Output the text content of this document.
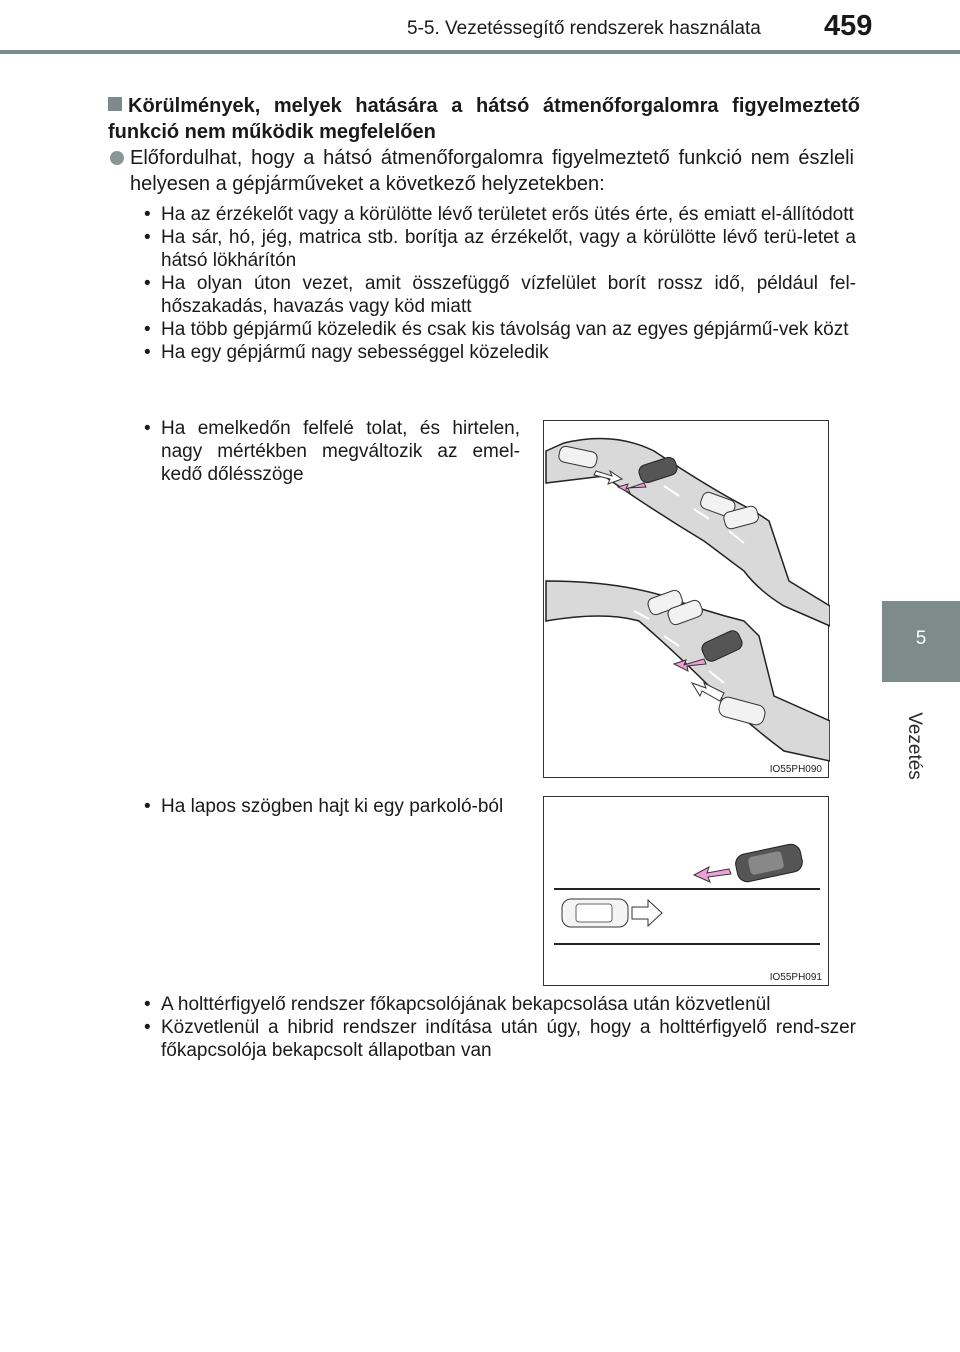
5-5. Vezetéssegítő rendszerek használata 459
5
Vezetés
Körülmények, melyek hatására a hátsó átmenőforgalomra figyelmeztető funkció nem működik megfelelően
Előfordulhat, hogy a hátsó átmenőforgalomra figyelmeztető funkció nem észleli helyesen a gépjárműveket a következő helyzetekben:
• Ha az érzékelőt vagy a körülötte lévő területet erős ütés érte, és emiatt el-állítódott
• Ha sár, hó, jég, matrica stb. borítja az érzékelőt, vagy a körülötte lévő terü-letet a hátsó lökhárítón
• Ha olyan úton vezet, amit összefüggő vízfelület borít rossz idő, például fel-hőszakadás, havazás vagy köd miatt
• Ha több gépjármű közeledik és csak kis távolság van az egyes gépjármű-vek közt
• Ha egy gépjármű nagy sebességgel közeledik
• Ha emelkedőn felfelé tolat, és hirtelen, nagy mértékben megváltozik az emel-kedő dőlésszöge
IO55PH090
• Ha lapos szögben hajt ki egy parkoló-ból
IO55PH091
• A holttérfigyelő rendszer főkapcsolójának bekapcsolása után közvetlenül
• Közvetlenül a hibrid rendszer indítása után úgy, hogy a holttérfigyelő rend-szer főkapcsolója bekapcsolt állapotban van
